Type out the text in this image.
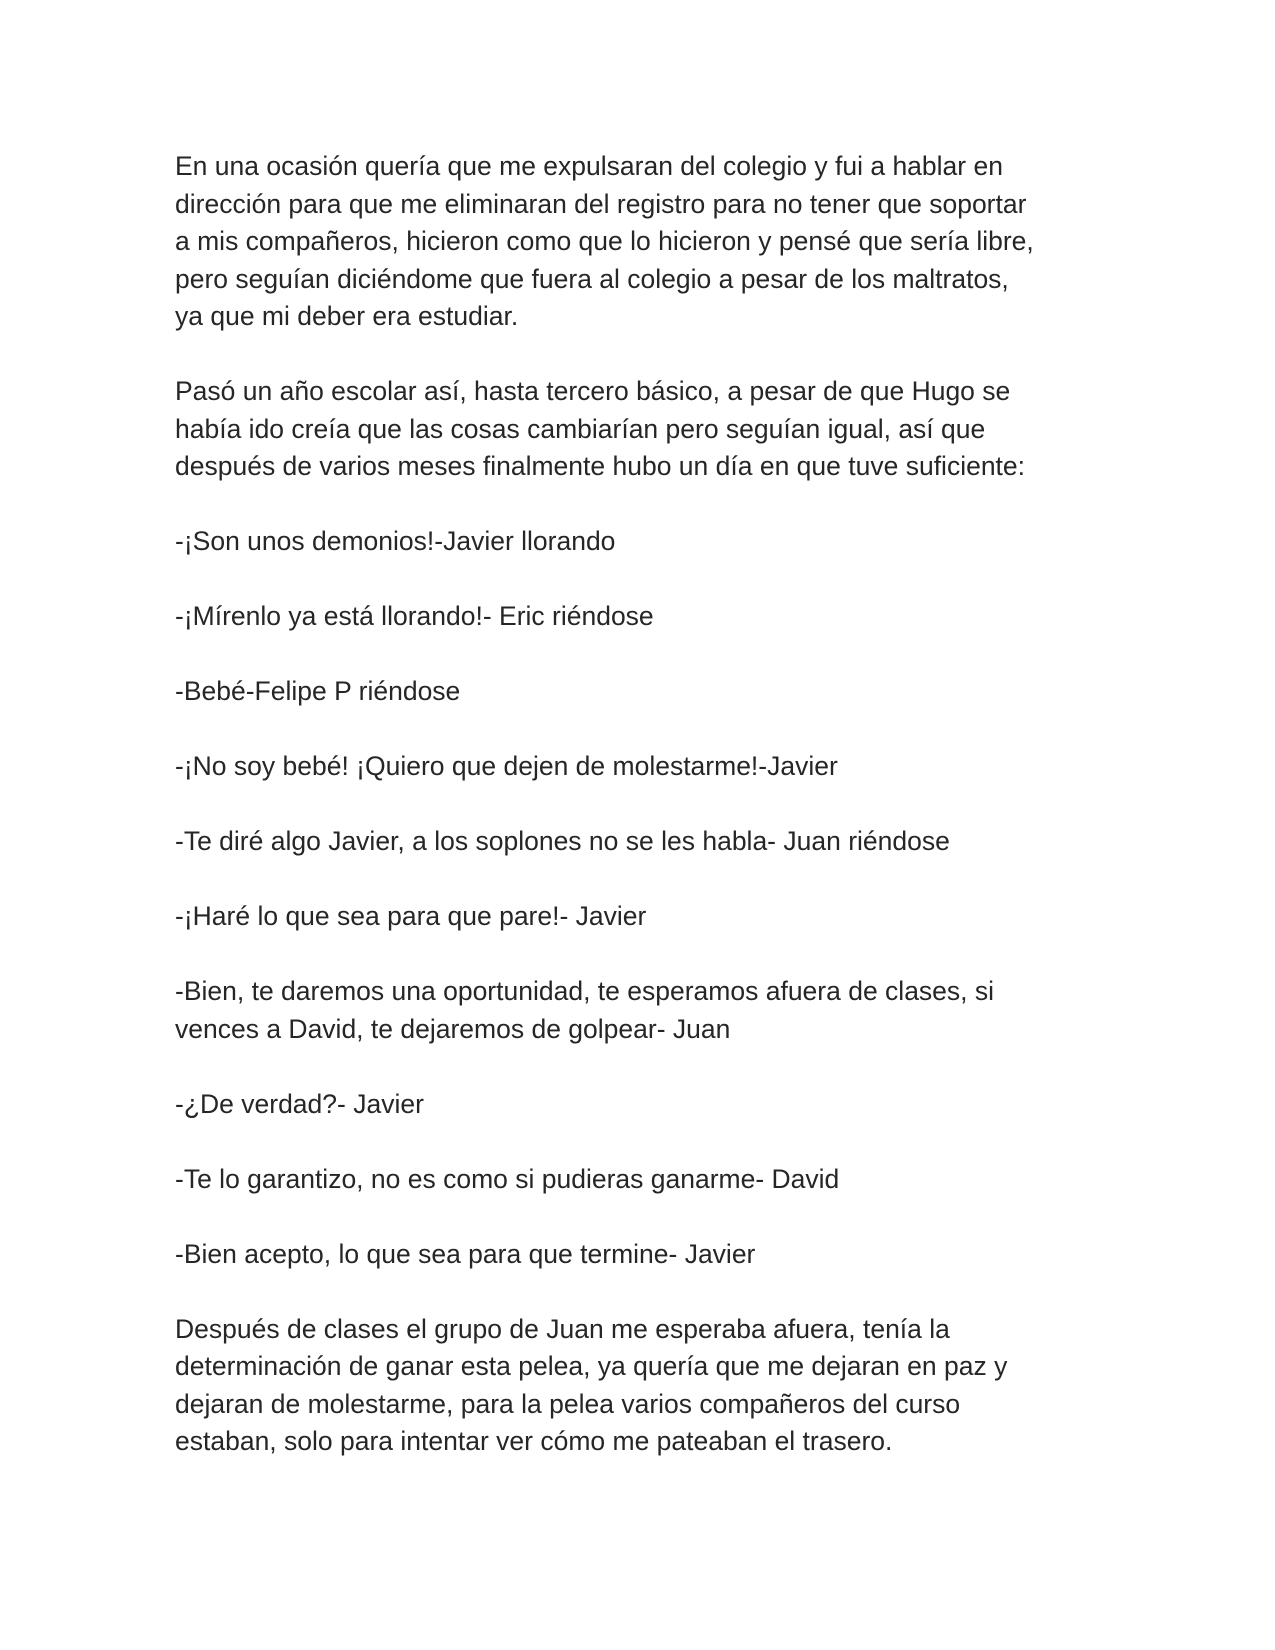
En una ocasión quería que me expulsaran del colegio y fui a hablar en
dirección para que me eliminaran del registro para no tener que soportar
a mis compañeros, hicieron como que lo hicieron y pensé que sería libre,
pero seguían diciéndome que fuera al colegio a pesar de los maltratos,
ya que mi deber era estudiar.

Pasó un año escolar así, hasta tercero básico, a pesar de que Hugo se
había ido creía que las cosas cambiarían pero seguían igual, así que
después de varios meses finalmente hubo un día en que tuve suficiente:

-¡Son unos demonios!-Javier llorando

-¡Mírenlo ya está llorando!- Eric riéndose

-Bebé-Felipe P riéndose

-¡No soy bebé! ¡Quiero que dejen de molestarme!-Javier

-Te diré algo Javier, a los soplones no se les habla- Juan riéndose

-¡Haré lo que sea para que pare!- Javier

-Bien, te daremos una oportunidad, te esperamos afuera de clases, si
vences a David, te dejaremos de golpear- Juan

-¿De verdad?- Javier

-Te lo garantizo, no es como si pudieras ganarme- David

-Bien acepto, lo que sea para que termine- Javier

Después de clases el grupo de Juan me esperaba afuera, tenía la
determinación de ganar esta pelea, ya quería que me dejaran en paz y
dejaran de molestarme, para la pelea varios compañeros del curso
estaban, solo para intentar ver cómo me pateaban el trasero.
